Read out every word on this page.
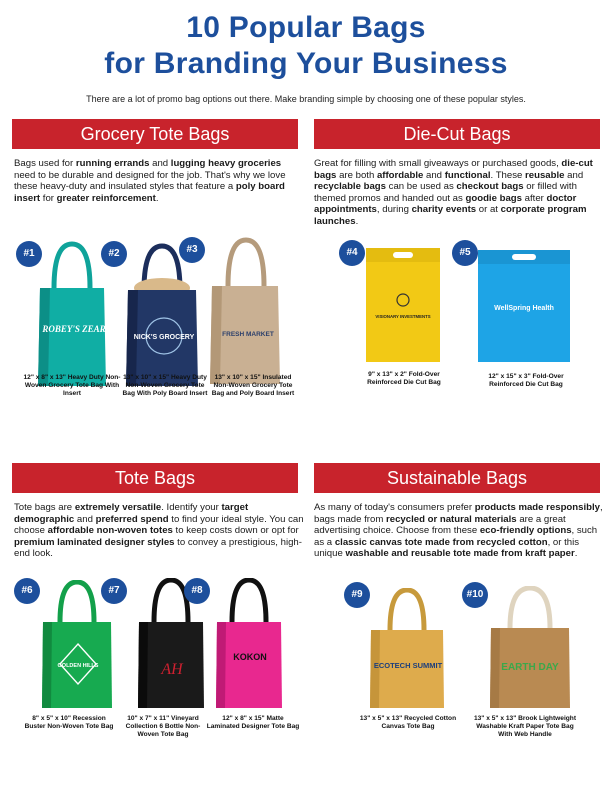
10 Popular Bags
for Branding Your Business
There are a lot of promo bag options out there. Make branding simple by choosing one of these popular styles.
Grocery Tote Bags
Bags used for running errands and lugging heavy groceries need to be durable and designed for the job. That's why we love these heavy-duty and insulated styles that feature a poly board insert for greater reinforcement.
ROBEY'S ZEAR
#1
12" x 8" x 13" Heavy Duty Non-Woven Grocery Tote Bag With Insert
NICK'S GROCERY
#2
13" x 10" x 15" Heavy Duty Non-Woven Grocery Tote Bag With Poly Board Insert
FRESH MARKET
#3
13" x 10" x 15" Insulated Non-Woven Grocery Tote Bag and Poly Board Insert
Die-Cut Bags
Great for filling with small giveaways or purchased goods, die-cut bags are both affordable and functional. These reusable and recyclable bags can be used as checkout bags or filled with themed promos and handed out as goodie bags after doctor appointments, during charity events or at corporate program launches.
VISIONARY INVESTMENTS
#4
9" x 13" x 2" Fold-Over Reinforced Die Cut Bag
WellSpring Health
#5
12" x 15" x 3" Fold-Over Reinforced Die Cut Bag
Tote Bags
Tote bags are extremely versatile. Identify your target demographic and preferred spend to find your ideal style. You can choose affordable non-woven totes to keep costs down or opt for premium laminated designer styles to convey a prestigious, high-end look.
GOLDEN HILLS
#6
8" x 5" x 10" Recession Buster Non-Woven Tote Bag
AH
#7
10" x 7" x 11" Vineyard Collection 6 Bottle Non-Woven Tote Bag
KOKON
#8
12" x 8" x 15" Matte Laminated Designer Tote Bag
Sustainable Bags
As many of today's consumers prefer products made responsibly, bags made from recycled or natural materials are a great advertising choice. Choose from these eco-friendly options, such as a classic canvas tote made from recycled cotton, or this unique washable and reusable tote made from kraft paper.
ECOTECH SUMMIT
#9
13" x 5" x 13" Recycled Cotton Canvas Tote Bag
EARTH DAY
#10
13" x 5" x 13" Brook Lightweight Washable Kraft Paper Tote Bag With Web Handle
